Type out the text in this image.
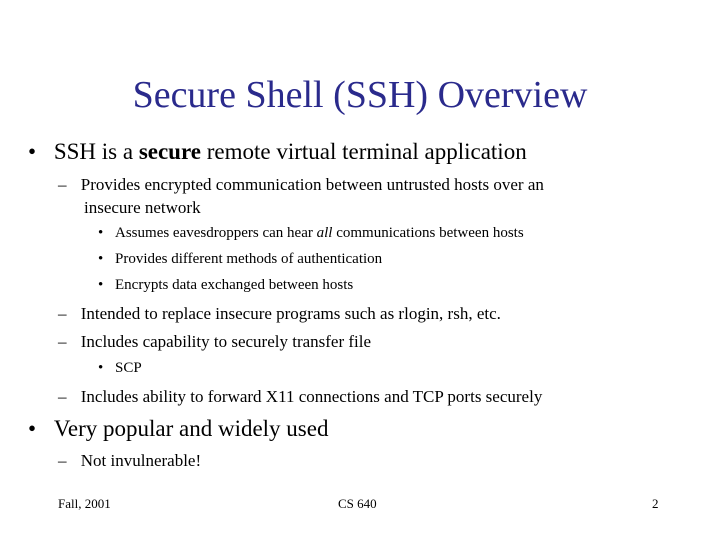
Secure Shell (SSH) Overview
• SSH is a secure remote virtual terminal application
– Provides encrypted communication between untrusted hosts over an
insecure network
• Assumes eavesdroppers can hear all communications between hosts
• Provides different methods of authentication
• Encrypts data exchanged between hosts
– Intended to replace insecure programs such as rlogin, rsh, etc.
– Includes capability to securely transfer file
• SCP
– Includes ability to forward X11 connections and TCP ports securely
• Very popular and widely used
– Not invulnerable!
Fall, 2001	CS 640	2
